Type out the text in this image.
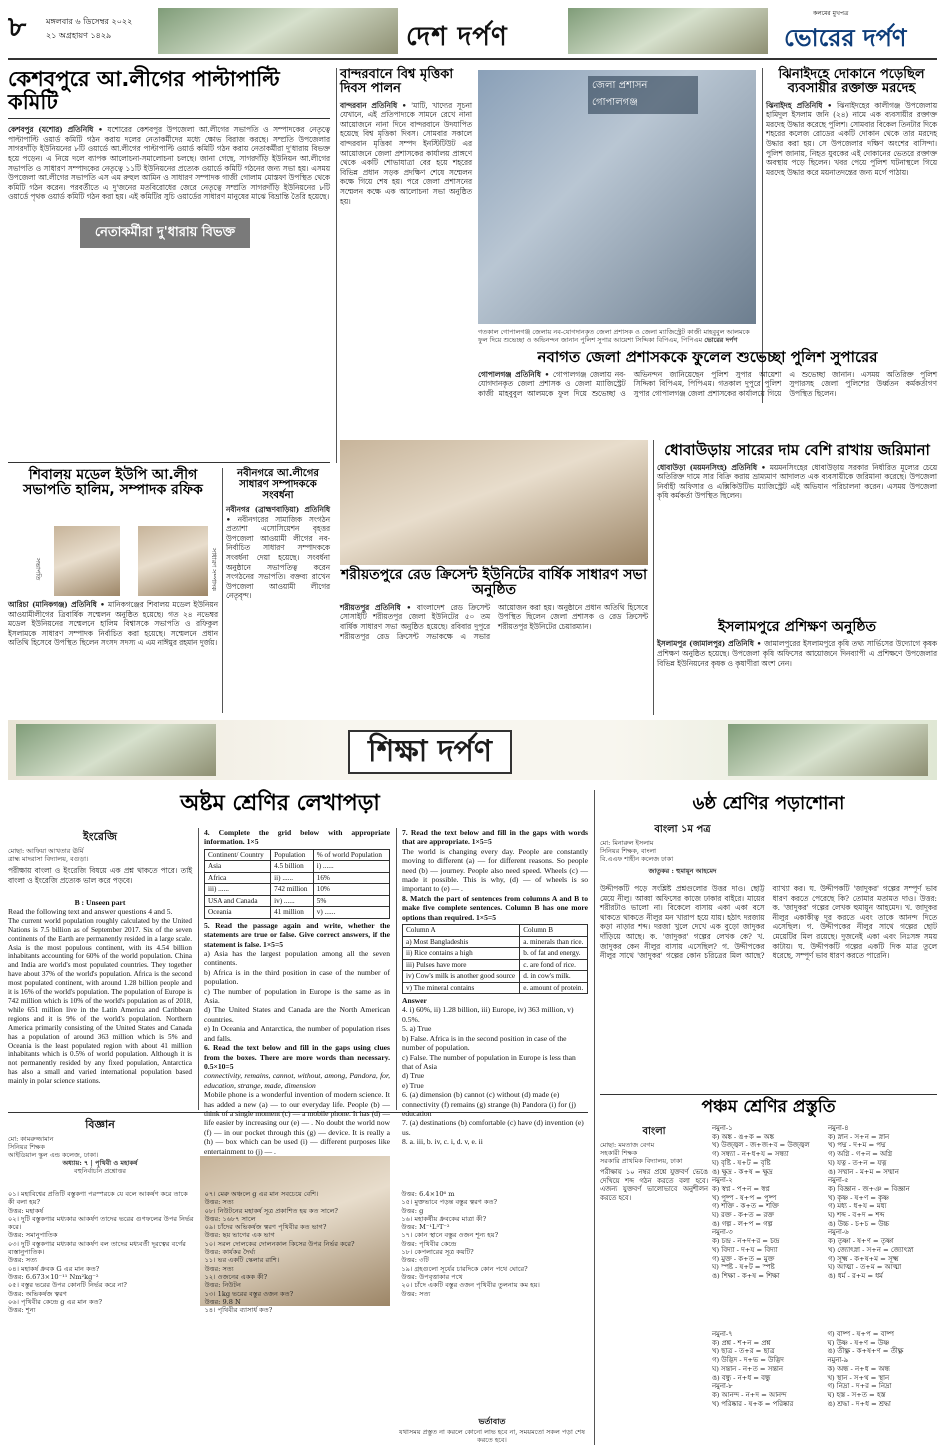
৮ মঙ্গলবার ৬ ডিসেম্বর ২০২২
২১ অগ্রহায়ণ ১৪২৯	দেশ দর্পণ
কলমের মুখপত্র
ভোরের দর্পণ
কেশবপুরে আ.লীগের পাল্টাপাল্টি কমিটি
কেশবপুর (যশোর) প্রতিনিধি • যশোরের কেশবপুর উপজেলা আ.লীগের সভাপতি ও সম্পাদকের নেতৃত্বে পাল্টাপাল্টি ওয়ার্ড কমিটি গঠন করায় দলের নেতাকর্মীদের মধ্যে ক্ষোভ বিরাজ করছে। সম্প্রতি উপজেলার সাগরদাঁড়ি ইউনিয়নের ৮টি ওয়ার্ডে আ.লীগের পাল্টাপাল্টি ওয়ার্ড কমিটি গঠন করায় নেতাকর্মীরা দু'ধারায় বিভক্ত হয়ে পড়েন। এ নিয়ে দলে ব্যাপক আলোচনা-সমালোচনা চলছে। জানা গেছে, সাগরদাঁড়ি ইউনিয়ন আ.লীগের সভাপতি ও সাধারণ সম্পাদকের নেতৃত্বে ১১টি ইউনিয়নের প্রত্যেক ওয়ার্ডে কমিটি গঠনের জন্য সভা হয়। এসময় উপজেলা আ.লীগের সভাপতি এস এম রুহুল আমিন ও সাধারণ সম্পাদক গাজী গোলাম মোস্তফা উপস্থিত থেকে কমিটি গঠন করেন। পরবর্তীতে এ দু'জনের মতবিরোধের জেরে নেতৃত্বে সম্প্রতি সাগরদাঁড়ি ইউনিয়নের ৮টি ওয়ার্ডে পৃথক ওয়ার্ড কমিটি গঠন করা হয়। এই কমিটির সুচি ওয়ার্ডের সাধারণ মানুষের মাঝে বিভ্রান্তি তৈরি হয়েছে।
নেতাকর্মীরা দু'ধারায় বিভক্ত
বান্দরবানে বিশ্ব মৃত্তিকা দিবস পালন
বান্দরবান প্রতিনিধি • 'মাটি, খাদ্যের সূচনা যেখানে, এই প্রতিপাদ্যকে সামনে রেখে নানা আয়োজনে নানা দিনে বান্দরবানে উদযাপিত হয়েছে বিশ্ব মৃত্তিকা দিবস। সোমবার সকালে বান্দরবান মৃত্তিকা সম্পদ ইনস্টিটিউট এর আয়োজনে জেলা প্রশাসকের কার্যালয় প্রাঙ্গণে থেকে একটি শোভাযাত্রা বের হয়ে শহরের বিভিন্ন প্রধান সড়ক প্রদক্ষিণ শেষে সম্মেলন কক্ষে গিয়ে শেষ হয়। পরে জেলা প্রশাসনের সম্মেলন কক্ষে এক আলোচনা সভা অনুষ্ঠিত হয়।
জেলা প্রশাসন গোপালগঞ্জ
গতকাল গোপালগঞ্জ জেলায় নব-যোগদানকৃত জেলা প্রশাসক ও জেলা ম্যাজিস্ট্রেট কাজী মাহবুবুল আলমকে ফুল দিয়ে শুভেচ্ছা ও অভিনন্দন জানান পুলিশ সুপার আয়েশা সিদ্দিকা বিপিএম, পিপিএম ভোরের দর্পণ
ঝিনাইদহে দোকানে পড়েছিল ব্যবসায়ীর রক্তাক্ত মরদেহ
ঝিনাইদহ প্রতিনিধি • ঝিনাইদহের কালীগঞ্জ উপজেলায় হামিদুল ইসলাম জনি (২৪) নামে এক ব্যবসায়ীর রক্তাক্ত মরদেহ উদ্ধার করেছে পুলিশ। সোমবার বিকেল তিনটার দিকে শহরের কলেজ রোডের একটি দোকান থেকে তার মরদেহ উদ্ধার করা হয়। সে উপজেলার দক্ষিণ অংশের বাসিন্দা। পুলিশ জানায়, নিহত যুবকের এই দোকানের ভেতরে রক্তাক্ত অবস্থায় পড়ে ছিলেন। খবর পেয়ে পুলিশ ঘটনাস্থলে গিয়ে মরদেহ উদ্ধার করে ময়নাতদন্তের জন্য মর্গে পাঠায়।
নবাগত জেলা প্রশাসককে ফুলেল শুভেচ্ছা পুলিশ সুপারের
গোপালগঞ্জ প্রতিনিধি • গোপালগঞ্জ জেলায় নব-যোগদানকৃত জেলা প্রশাসক ও জেলা ম্যাজিস্ট্রেট কাজী মাহবুবুল আলমকে ফুল দিয়ে শুভেচ্ছা ও অভিনন্দন জানিয়েছেন পুলিশ সুপার আয়েশা সিদ্দিকা বিপিএম, পিপিএম। গতকাল দুপুরে পুলিশ সুপার গোপালগঞ্জ জেলা প্রশাসকের কার্যালয়ে গিয়ে এ শুভেচ্ছা জানান। এসময় অতিরিক্ত পুলিশ সুপারসহ জেলা পুলিশের উর্ধ্বতন কর্মকর্তাগণ উপস্থিত ছিলেন।
শিবালয় মডেল ইউপি আ.লীগ সভাপতি হালিম, সম্পাদক রফিক
সভাপতি	সাধারণ সম্পাদক
আরিচা (মানিকগঞ্জ) প্রতিনিধি • মানিকগঞ্জের শিবালয় মডেল ইউনিয়ন আওয়ামীলীগের ত্রিবার্ষিক সম্মেলন অনুষ্ঠিত হয়েছে। গত ২৪ নভেম্বর মডেল ইউনিয়নের সম্মেলনে হালিম বিশ্বাসকে সভাপতি ও রফিকুল ইসলামকে সাধারণ সম্পাদক নির্বাচিত করা হয়েছে। সম্মেলনে প্রধান অতিথি হিসেবে উপস্থিত ছিলেন সংসদ সদস্য এ এম নাঈমুর রহমান দুর্জয়।
নবীনগরে আ.লীগের সাধারণ সম্পাদককে সংবর্ধনা
নবীনগর (ব্রাহ্মণবাড়িয়া) প্রতিনিধি • নবীনগরের সামাজিক সংগঠন প্রত্যাশা এসোসিয়েশন বৃহত্তর উপজেলা আওয়ামী লীগের নব-নির্বাচিত সাধারণ সম্পাদককে সংবর্ধনা দেয়া হয়েছে। সংবর্ধনা অনুষ্ঠানে সভাপতিত্ব করেন সংগঠনের সভাপতি। বক্তব্য রাখেন উপজেলা আওয়ামী লীগের নেতৃবৃন্দ।
শরীয়তপুরে রেড ক্রিসেন্ট ইউনিটের বার্ষিক সাধারণ সভা অনুষ্ঠিত
শরীয়তপুর প্রতিনিধি • বাংলাদেশ রেড ক্রিসেন্ট সোসাইটি শরীয়তপুর জেলা ইউনিটের ৫০ তম বার্ষিক সাধারণ সভা অনুষ্ঠিত হয়েছে। রবিবার দুপুরে শরীয়তপুর রেড ক্রিসেন্ট সভাকক্ষে এ সভার আয়োজন করা হয়। অনুষ্ঠানে প্রধান অতিথি হিসেবে উপস্থিত ছিলেন জেলা প্রশাসক ও রেড ক্রিসেন্ট শরীয়তপুর ইউনিটের চেয়ারম্যান।
ধোবাউড়ায় সারের দাম বেশি রাখায় জরিমানা
ধোবাউড়া (ময়মনসিংহ) প্রতিনিধি • ময়মনসিংহের ধোবাউড়ায় সরকার নির্ধারিত মূল্যের চেয়ে অতিরিক্ত দামে সার বিক্রি করায় ভ্রাম্যমাণ আদালত এক ব্যবসায়ীকে জরিমানা করেছে। উপজেলা নির্বাহী অফিসার ও এক্সিকিউটিভ ম্যাজিস্ট্রেট এই অভিযান পরিচালনা করেন। এসময় উপজেলা কৃষি কর্মকর্তা উপস্থিত ছিলেন।
ইসলামপুরে প্রশিক্ষণ অনুষ্ঠিত
ইসলামপুর (জামালপুর) প্রতিনিধি • জামালপুরের ইসলামপুরে কৃষি তথ্য সার্ভিসের উদ্যোগে কৃষক প্রশিক্ষণ অনুষ্ঠিত হয়েছে। উপজেলা কৃষি অফিসের আয়োজনে দিনব্যাপী এ প্রশিক্ষণে উপজেলার বিভিন্ন ইউনিয়নের কৃষক ও কৃষাণীরা অংশ নেন।
শিক্ষা দর্পণ
অষ্টম শ্রেণির লেখাপড়া
ইংরেজি
মোছা: আফিয়া আখতার ঊর্মি
ত্রাহ্ম মাদরাসা বিদ্যালয়, বগুড়া।
পরীক্ষায় বাংলা ও ইংরেজি বিষয়ে এক প্রশ্ন থাকতে পারে। তাই বাংলা ও ইংরেজি প্রত্যেক ভাল করে পড়বে।
B : Unseen part
Read the following text and answer questions 4 and 5.
The current world population roughly calculated by the United Nations is 7.5 billion as of September 2017. Six of the seven continents of the Earth are permanently resided in a large scale. Asia is the most populous continent, with its 4.54 billion inhabitants accounting for 60% of the world population. China and India are world's most populated countries. They together have about 37% of the world's population. Africa is the second most populated continent, with around 1.28 billion people and it is 16% of the world's population. The population of Europe is 742 million which is 10% of the world's population as of 2018, while 651 million live in the Latin America and Caribbean regions and it is 9% of the world's population. Northern America primarily consisting of the United States and Canada has a population of around 363 million which is 5% and Oceania is the least populated region with about 41 million inhabitants which is 0.5% of world population. Although it is not permanently resided by any fixed population, Antarctica has also a small and varied international population based mainly in polar science stations.
4. Complete the grid below with appropriate information. 1×5
Continent/ Country	Population	% of world Population
Asia	4.5 billion	i) ......
Africa	ii) ......	16%
iii) ......	742 million	10%
USA and Canada	iv) ......	5%
Oceania	41 million	v) ......
5. Read the passage again and write, whether the statements are true or false. Give correct answers, if the statement is false. 1×5=5
a) Asia has the largest population among all the seven continents.
b) Africa is in the third position in case of the number of population.
c) The number of population in Europe is the same as in Asia.
d) The United States and Canada are the North American countries.
e) In Oceania and Antarctica, the number of population rises and falls.
6. Read the text below and fill in the gaps using clues from the boxes. There are more words than necessary. 0.5×10=5
connectivity, remains, cannot, without, among, Pandora, for, education, strange, made, dimension
Mobile phone is a wonderful invention of modern science. It has added a new (a) — to our everyday life. People (b) — think of a single moment (c) — a mobile phone. It has (d) — life easier by increasing our (e) — . No doubt the world now (f) — in our pocket through this (g) — device. It is really a (h) — box which can be used (i) — different purposes like entertainment to (j) — .
7. Read the text below and fill in the gaps with words that are appropriate. 1×5=5
The world is changing every day. People are constantly moving to different (a) — for different reasons. So people need (b) — journey. People also need speed. Wheels (c) — made it possible. This is why, (d) — of wheels is so important to (e) — .
8. Match the part of sentences from columns A and B to make five complete sentences. Column B has one more options than required. 1×5=5
Column A	Column B
a) Most Bangladeshis	a. minerals than rice.
ii) Rice contains a high	b. of fat and energy.
iii) Pulses have more	c. are fond of rice.
iv) Cow's milk is another good source	d. in cow's milk.
v) The mineral contains	e. amount of protein.
Answer
4. i) 60%, ii) 1.28 billion, iii) Europe, iv) 363 million, v) 0.5%.
5. a) True
b) False. Africa is in the second position in case of the number of population.
c) False. The number of population in Europe is less than that of Asia
d) True
e) True
6. (a) dimension (b) cannot (c) without (d) made (e) connectivity (f) remains (g) strange (h) Pandora (i) for (j) education
7. (a) destinations (b) comfortable (c) have (d) invention (e) us.
8. a. iii, b. iv, c. i, d. v, e. ii
বিজ্ঞান
মো: কামরুজ্জামান
সিনিয়র শিক্ষক
আইডিয়াল স্কুল এন্ড কলেজ, ঢাকা।
অধ্যায়: ৭ | পৃথিবী ও মহাকর্ষ
বহুনির্বাচনি প্রশ্নোত্তর
০১। মহাবিশ্বের প্রতিটি বস্তুকণা পরস্পরকে যে বলে আকর্ষণ করে তাকে কী বলা হয়?
উত্তর: মহাকর্ষ
০২। দুটি বস্তুকণার মধ্যকার আকর্ষণ তাদের ভরের গুণফলের উপর নির্ভর করে।
উত্তর: সমানুপাতিক
০৩। দুটি বস্তুকণার মধ্যকার আকর্ষণ বল তাদের মধ্যবর্তী দূরত্বের বর্গের ব্যস্তানুপাতিক।
উত্তর: সত্য
০৪। মহাকর্ষ ধ্রুবক G এর মান কত?
উত্তর: 6.673×10⁻¹¹ Nm²kg⁻²
০৫। বস্তুর ভরের উপর কোনটি নির্ভর করে না?
উত্তর: অভিকর্ষজ ত্বরণ
০৬। পৃথিবীর কেন্দ্রে g এর মান কত?
উত্তর: শূন্য
০৭। মেরু অঞ্চলে g এর মান সবচেয়ে বেশি।
উত্তর: সত্য
০৮। নিউটনের মহাকর্ষ সূত্র প্রকাশিত হয় কত সালে?
উত্তর: ১৬৮৭ সালে
০৯। চাঁদের অভিকর্ষজ ত্বরণ পৃথিবীর কত ভাগ?
উত্তর: ছয় ভাগের এক ভাগ
১০। সরল দোলকের দোলনকাল কিসের উপর নির্ভর করে?
উত্তর: কার্যকর দৈর্ঘ্য
১১। ভর একটি স্কেলার রাশি।
উত্তর: সত্য
১২। ওজনের একক কী?
উত্তর: নিউটন
১৩। 1kg ভরের বস্তুর ওজন কত?
উত্তর: 9.8 N
১৪। পৃথিবীর ব্যাসার্ধ কত?
উত্তর: 6.4×10⁶ m
১৫। মুক্তভাবে পড়ন্ত বস্তুর ত্বরণ কত?
উত্তর: g
১৬। মহাকর্ষীয় ধ্রুবকের মাত্রা কী?
উত্তর: M⁻¹L³T⁻²
১৭। কোন স্থানে বস্তুর ওজন শূন্য হয়?
উত্তর: পৃথিবীর কেন্দ্রে
১৮। কেপলারের সূত্র কয়টি?
উত্তর: ৩টি
১৯। গ্রহগুলো সূর্যের চারদিকে কোন পথে ঘোরে?
উত্তর: উপবৃত্তাকার পথে
২০। চাঁদে একটি বস্তুর ওজন পৃথিবীর তুলনায় কম হয়।
উত্তর: সত্য
ভর্তাবাত
যথাসময় প্রস্তুত না করলে কোনো লাভ হবে না, সময়মতো সকল পড়া শেষ করতে হবে।
৬ষ্ঠ শ্রেণির পড়াশোনা
বাংলা ১ম পত্র
মো: মিনারুল ইসলাম
সিনিয়র শিক্ষক, বাংলা
বি.এএফ শাহীন কলেজ ঢাকা
জাতুকর : হুমায়ূন আহমেদ
উদ্দীপকটি পড়ে সংশ্লিষ্ট প্রশ্নগুলোর উত্তর দাও। ছোট্ট মেয়ে নীলু। আব্বা অফিসের কাজে ঢাকার বাইরে। মায়ের শরীরটাও ভালো না। বিকেলে বাসায় একা একা বসে থাকতে থাকতে নীলুর মন খারাপ হয়ে যায়। হঠাৎ দরজায় কড়া নাড়ার শব্দ। দরজা খুলে দেখে এক বুড়ো জাদুকর দাঁড়িয়ে আছে। ক. 'জাদুকর' গল্পের লেখক কে? খ. জাদুকর কেন নীলুর বাসায় এসেছিল? গ. উদ্দীপকের নীলুর সাথে 'জাদুকর' গল্পের কোন চরিত্রের মিল আছে? ব্যাখ্যা কর। ঘ. উদ্দীপকটি 'জাদুকর' গল্পের সম্পূর্ণ ভাব ধারণ করতে পেরেছে কি? তোমার মতামত দাও। উত্তর: ক. 'জাদুকর' গল্পের লেখক হুমায়ূন আহমেদ। খ. জাদুকর নীলুর একাকীত্ব দূর করতে এবং তাকে আনন্দ দিতে এসেছিল। গ. উদ্দীপকের নীলুর সাথে গল্পের ছোট মেয়েটির মিল রয়েছে। দুজনেই একা এবং নিঃসঙ্গ সময় কাটায়। ঘ. উদ্দীপকটি গল্পের একটি দিক মাত্র তুলে ধরেছে, সম্পূর্ণ ভাব ধারণ করতে পারেনি।
পঞ্চম শ্রেণির প্রস্তুতি
বাংলা
মোছা: মমতাজ বেগম
সহকারী শিক্ষক
সরকারি প্রাথমিক বিদ্যালয়, ঢাকা
পরীক্ষায় ১০ নম্বর প্রশ্নে যুক্তবর্ণ ভেঙে দেখিয়ে শব্দ গঠন করতে বলা হবে। এজন্য যুক্তবর্ণ ভালোভাবে অনুশীলন করতে হবে।
নমুনা-১
ক) অঙ্ক - ঙ+ক = অঙ্ক
খ) উজ্জ্বল - জ+জ+ব = উজ্জ্বল
গ) সন্ধ্যা - ন+ধ+য = সন্ধ্যা
ঘ) বৃষ্টি - ষ+ট = বৃষ্টি
ঙ) ক্ষুদ্র - ক+ষ = ক্ষুদ্র
নমুনা-২
ক) স্বপ্ন - প+ন = স্বপ্ন
খ) পুষ্প - ষ+প = পুষ্প
গ) শক্তি - ক+ত = শক্তি
ঘ) রক্ত - ক+ত = রক্ত
ঙ) গল্প - ল+প = গল্প
নমুনা-৩
ক) চন্দ্র - ন+দ+র = চন্দ্র
খ) বিদ্যা - দ+য = বিদ্যা
গ) মুক্ত - ক+ত = মুক্ত
ঘ) স্পষ্ট - ষ+ট = স্পষ্ট
ঙ) শিক্ষা - ক+ষ = শিক্ষা
নমুনা-৪
ক) স্নান - স+ন = স্নান
খ) পদ্ম - দ+ম = পদ্ম
গ) অগ্নি - গ+ন = অগ্নি
ঘ) যত্ন - ত+ন = যত্ন
ঙ) সম্মান - ম+ম = সম্মান
নমুনা-৫
ক) বিজ্ঞান - জ+ঞ = বিজ্ঞান
খ) কৃষ্ণ - ষ+ণ = কৃষ্ণ
গ) মধ্য - ধ+য = মধ্য
ঘ) শব্দ - ব+দ = শব্দ
ঙ) উচ্চ - চ+চ = উচ্চ
নমুনা-৬
ক) তৃষ্ণা - ষ+ণ = তৃষ্ণা
খ) জ্যোৎস্না - স+ন = জ্যোৎস্না
গ) সূক্ষ্ম - ক+ষ+ম = সূক্ষ্ম
ঘ) আত্মা - ত+ম = আত্মা
ঙ) ধর্ম - র+ম = ধর্ম
নমুনা-৭
ক) প্রশ্ন - শ+ন = প্রশ্ন
খ) ছাত্র - ত+র = ছাত্র
গ) উদ্ভিদ - দ+ভ = উদ্ভিদ
ঘ) সন্তান - ন+ত = সন্তান
ঙ) বন্ধু - ন+ধ = বন্ধু
নমুনা-৮
ক) আনন্দ - ন+দ = আনন্দ
খ) পরিষ্কার - ষ+ক = পরিষ্কার
গ) বাষ্প - ষ+প = বাষ্প
ঘ) উষ্ণ - ষ+ণ = উষ্ণ
ঙ) তীক্ষ্ণ - ক+ষ+ণ = তীক্ষ্ণ
নমুনা-৯
ক) অন্ধ - ন+ধ = অন্ধ
খ) স্থান - স+থ = স্থান
গ) নিদ্রা - দ+র = নিদ্রা
ঘ) হস্ত - স+ত = হস্ত
ঙ) শ্রদ্ধা - দ+ধ = শ্রদ্ধা
